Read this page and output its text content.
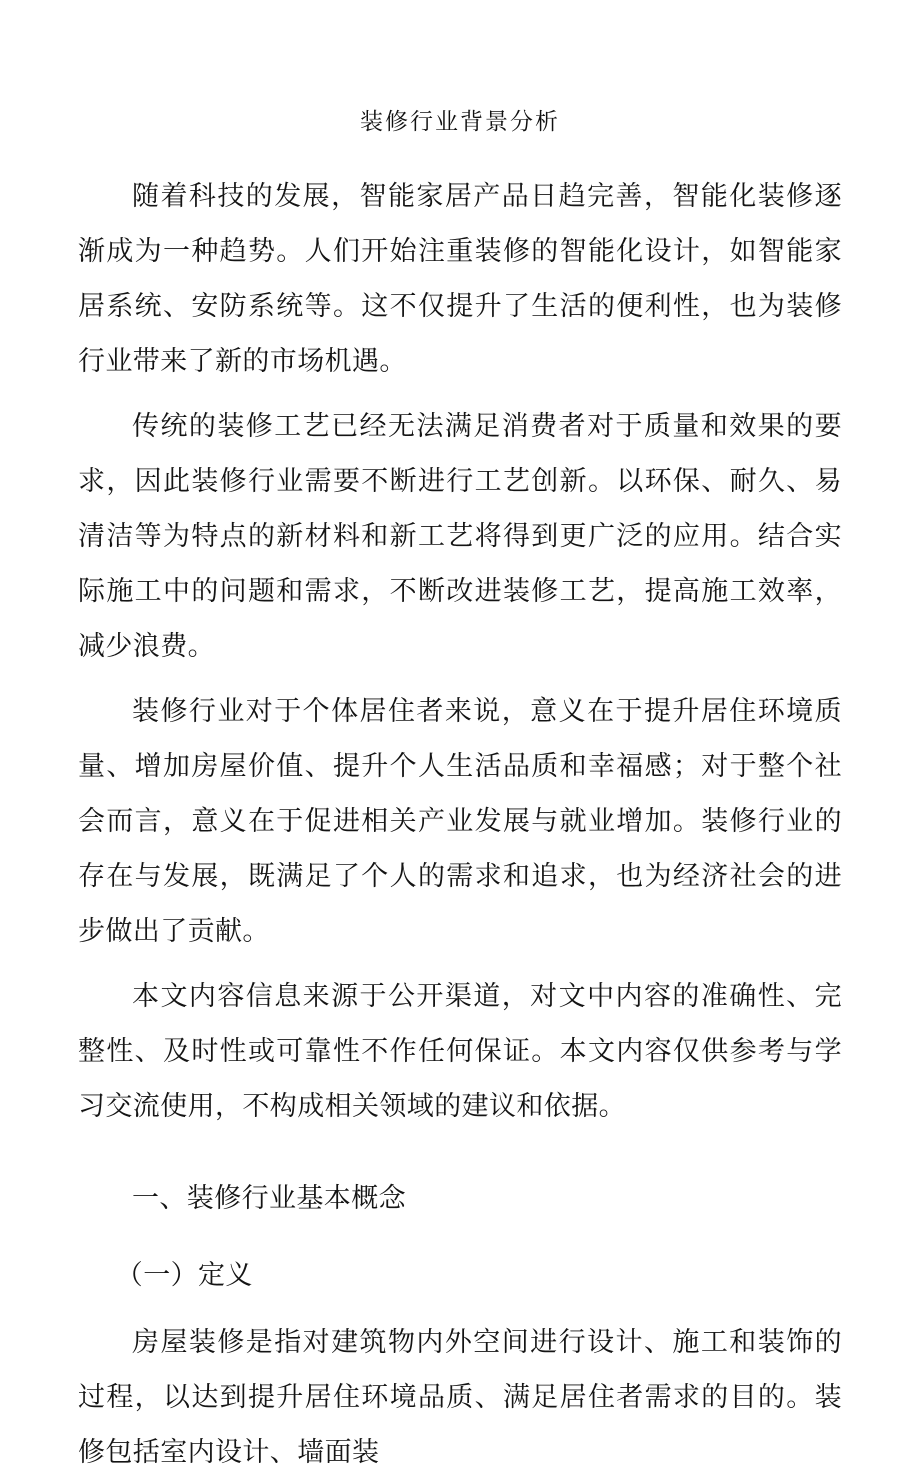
装修行业背景分析

随着科技的发展，智能家居产品日趋完善，智能化装修逐渐成为一种趋势。人们开始注重装修的智能化设计，如智能家居系统、安防系统等。这不仅提升了生活的便利性，也为装修行业带来了新的市场机遇。

传统的装修工艺已经无法满足消费者对于质量和效果的要求，因此装修行业需要不断进行工艺创新。以环保、耐久、易清洁等为特点的新材料和新工艺将得到更广泛的应用。结合实际施工中的问题和需求，不断改进装修工艺，提高施工效率，减少浪费。

装修行业对于个体居住者来说，意义在于提升居住环境质量、增加房屋价值、提升个人生活品质和幸福感；对于整个社会而言，意义在于促进相关产业发展与就业增加。装修行业的存在与发展，既满足了个人的需求和追求，也为经济社会的进步做出了贡献。

本文内容信息来源于公开渠道，对文中内容的准确性、完整性、及时性或可靠性不作任何保证。本文内容仅供参考与学习交流使用，不构成相关领域的建议和依据。

一、装修行业基本概念
（一）定义

房屋装修是指对建筑物内外空间进行设计、施工和装饰的过程，以达到提升居住环境品质、满足居住者需求的目的。装修包括室内设计、墙面装
